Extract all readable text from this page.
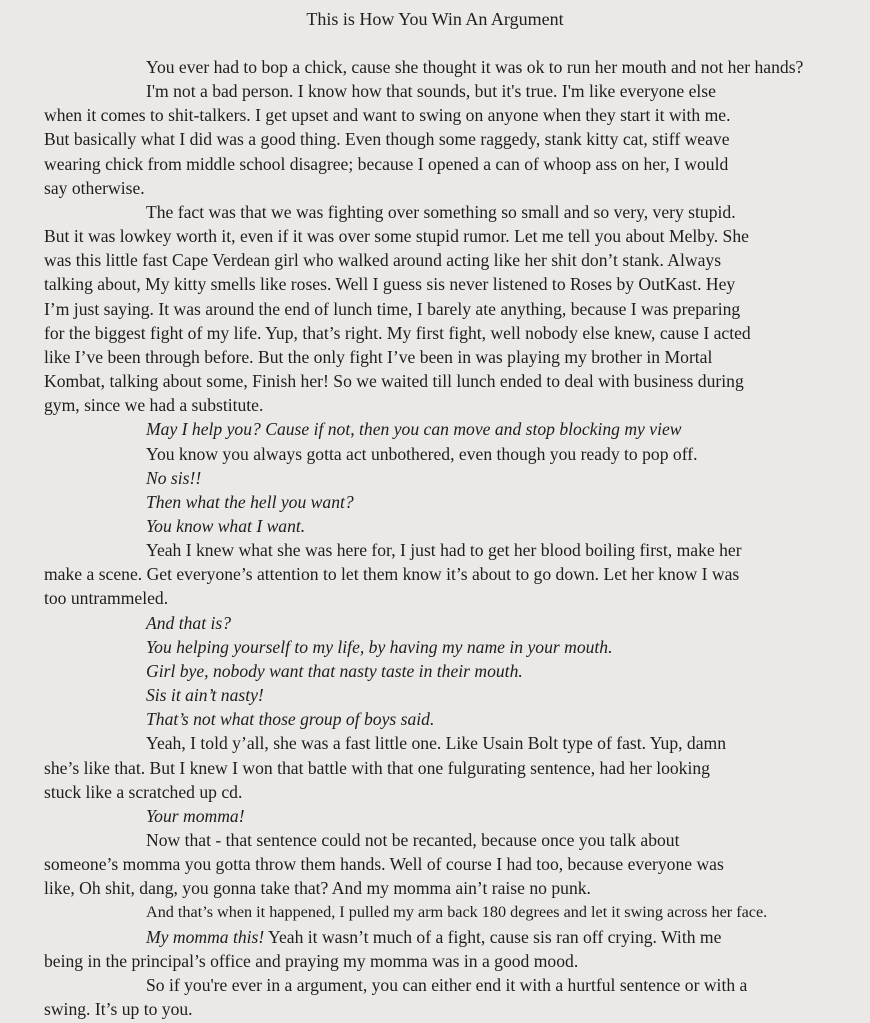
This is How You Win An Argument
You ever had to bop a chick, cause she thought it was ok to run her mouth and not her hands?
I'm not a bad person. I know how that sounds, but it's true. I'm like everyone else
when it comes to shit-talkers. I get upset and want to swing on anyone when they start it with me.
But basically what I did was a good thing. Even though some raggedy, stank kitty cat, stiff weave
wearing chick from middle school disagree; because I opened a can of whoop ass on her, I would
say otherwise.
The fact was that we was fighting over something so small and so very, very stupid.
But it was lowkey worth it, even if it was over some stupid rumor. Let me tell you about Melby. She
was this little fast Cape Verdean girl who walked around acting like her shit don’t stank. Always
talking about, My kitty smells like roses. Well I guess sis never listened to Roses by OutKast. Hey
I’m just saying. It was around the end of lunch time, I barely ate anything, because I was preparing
for the biggest fight of my life. Yup, that’s right. My first fight, well nobody else knew, cause I acted
like I’ve been through before. But the only fight I’ve been in was playing my brother in Mortal
Kombat, talking about some, Finish her! So we waited till lunch ended to deal with business during
gym, since we had a substitute.

May I help you? Cause if not, then you can move and stop blocking my view

You know you always gotta act unbothered, even though you ready to pop off.

No sis!!

Then what the hell you want?

You know what I want.

Yeah I knew what she was here for, I just had to get her blood boiling first, make her
make a scene. Get everyone’s attention to let them know it’s about to go down. Let her know I was
too untrammeled.

And that is?

You helping yourself to my life, by having my name in your mouth.

Girl bye, nobody want that nasty taste in their mouth.

Sis it ain’t nasty!

That’s not what those group of boys said.

Yeah, I told y’all, she was a fast little one. Like Usain Bolt type of fast. Yup, damn
she’s like that. But I knew I won that battle with that one fulgurating sentence, had her looking
stuck like a scratched up cd.

Your momma!

Now that - that sentence could not be recanted, because once you talk about
someone’s momma you gotta throw them hands. Well of course I had too, because everyone was
like, Oh shit, dang, you gonna take that? And my momma ain’t raise no punk.
And that’s when it happened, I pulled my arm back 180 degrees and let it swing across her face.
My momma this! Yeah it wasn’t much of a fight, cause sis ran off crying. With me
being in the principal’s office and praying my momma was in a good mood.
So if you're ever in a argument, you can either end it with a hurtful sentence or with a
swing. It’s up to you.
